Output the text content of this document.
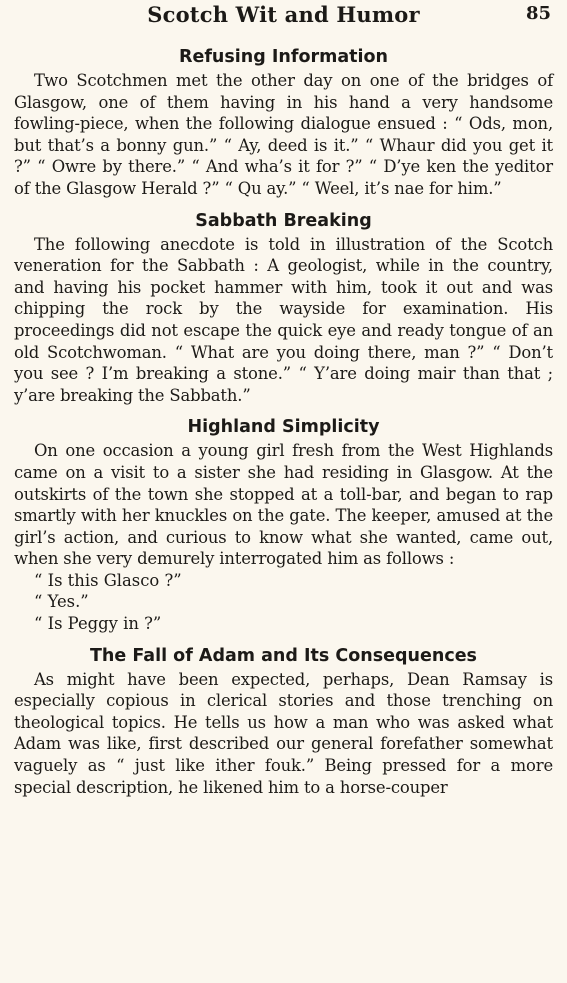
Scotch Wit and Humor	85
Refusing Information

Two Scotchmen met the other day on one of the bridges of Glasgow, one of them having in his hand a very handsome fowling-piece, when the following dialogue ensued : “ Ods, mon, but that’s a bonny gun.” “ Ay, deed is it.” “ Whaur did you get it ?” “ Owre by there.” “ And wha’s it for ?” “ D’ye ken the yeditor of the Glasgow Herald ?” “ Qu ay.” “ Weel, it’s nae for him.”

Sabbath Breaking

The following anecdote is told in illustration of the Scotch veneration for the Sabbath : A geologist, while in the country, and having his pocket hammer with him, took it out and was chipping the rock by the wayside for examination. His proceedings did not escape the quick eye and ready tongue of an old Scotchwoman. “ What are you doing there, man ?” “ Don’t you see ? I’m breaking a stone.” “ Y’are doing mair than that ; y’are breaking the Sabbath.”

Highland Simplicity

On one occasion a young girl fresh from the West Highlands came on a visit to a sister she had residing in Glasgow. At the outskirts of the town she stopped at a toll-bar, and began to rap smartly with her knuckles on the gate. The keeper, amused at the girl’s action, and curious to know what she wanted, came out, when she very demurely interrogated him as follows :

“ Is this Glasco ?”
“ Yes.”
“ Is Peggy in ?”
The Fall of Adam and Its Consequences

As might have been expected, perhaps, Dean Ramsay is especially copious in clerical stories and those trenching on theological topics. He tells us how a man who was asked what Adam was like, first described our general forefather somewhat vaguely as “ just like ither fouk.” Being pressed for a more special description, he likened him to a horse-couper
